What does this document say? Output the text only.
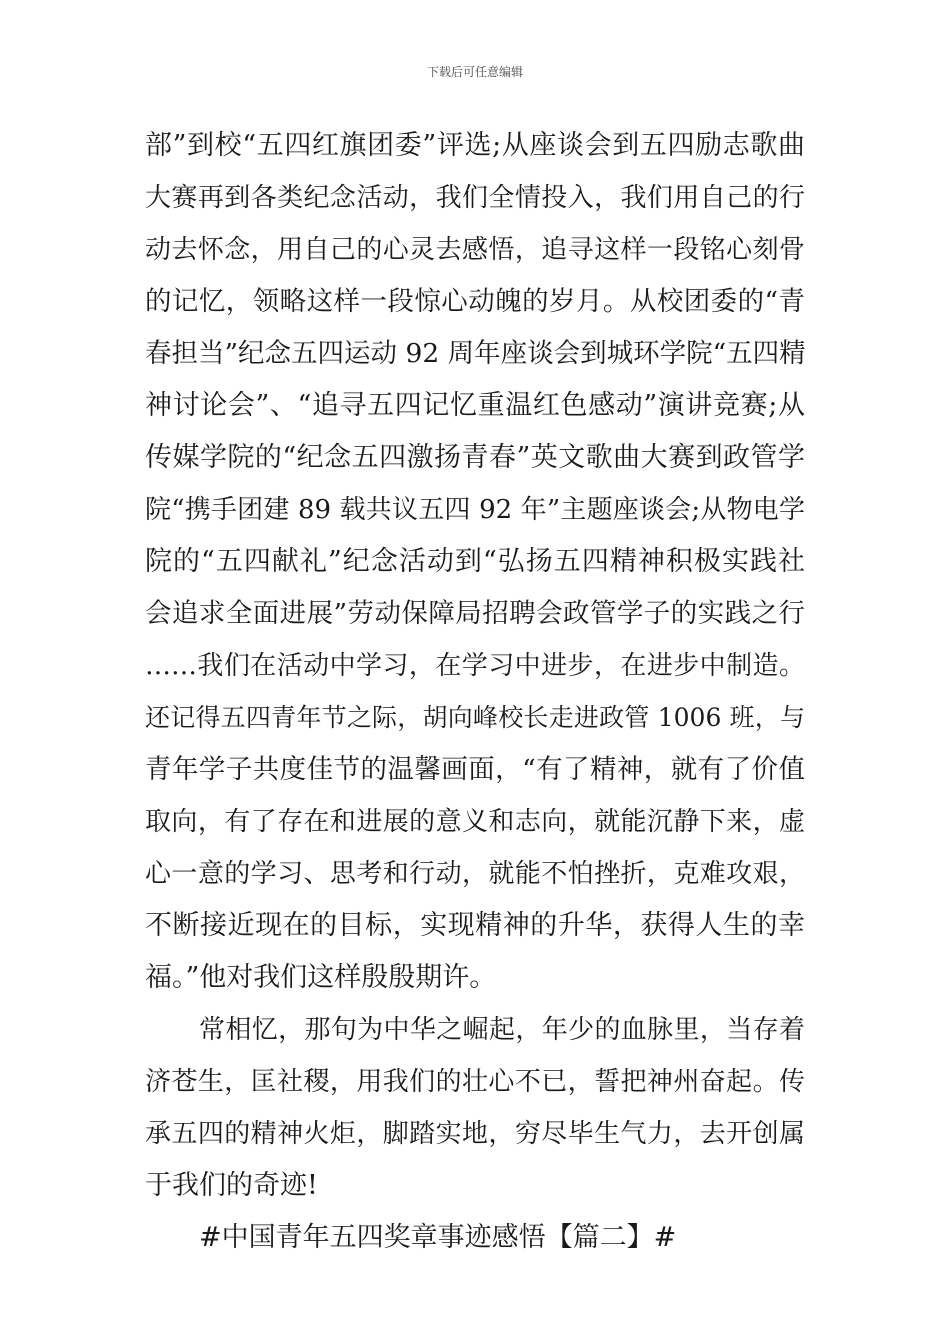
下载后可任意编辑
部”到校“五四红旗团委”评选;从座谈会到五四励志歌曲
大赛再到各类纪念活动，我们全情投入，我们用自己的行
动去怀念，用自己的心灵去感悟，追寻这样一段铭心刻骨
的记忆，领略这样一段惊心动魄的岁月。从校团委的“青
春担当”纪念五四运动 92 周年座谈会到城环学院“五四精
神讨论会”、“追寻五四记忆重温红色感动”演讲竞赛;从
传媒学院的“纪念五四激扬青春”英文歌曲大赛到政管学
院“携手团建 89 载共议五四 92 年”主题座谈会;从物电学
院的“五四献礼”纪念活动到“弘扬五四精神积极实践社
会追求全面进展”劳动保障局招聘会政管学子的实践之行
……我们在活动中学习，在学习中进步，在进步中制造。
还记得五四青年节之际，胡向峰校长走进政管 1006 班，与
青年学子共度佳节的温馨画面，“有了精神，就有了价值
取向，有了存在和进展的意义和志向，就能沉静下来，虚
心一意的学习、思考和行动，就能不怕挫折，克难攻艰，
不断接近现在的目标，实现精神的升华，获得人生的幸
福。”他对我们这样殷殷期许。
常相忆，那句为中华之崛起，年少的血脉里，当存着
济苍生，匡社稷，用我们的壮心不已，誓把神州奋起。传
承五四的精神火炬，脚踏实地，穷尽毕生气力，去开创属
于我们的奇迹!
#中国青年五四奖章事迹感悟【篇二】#
